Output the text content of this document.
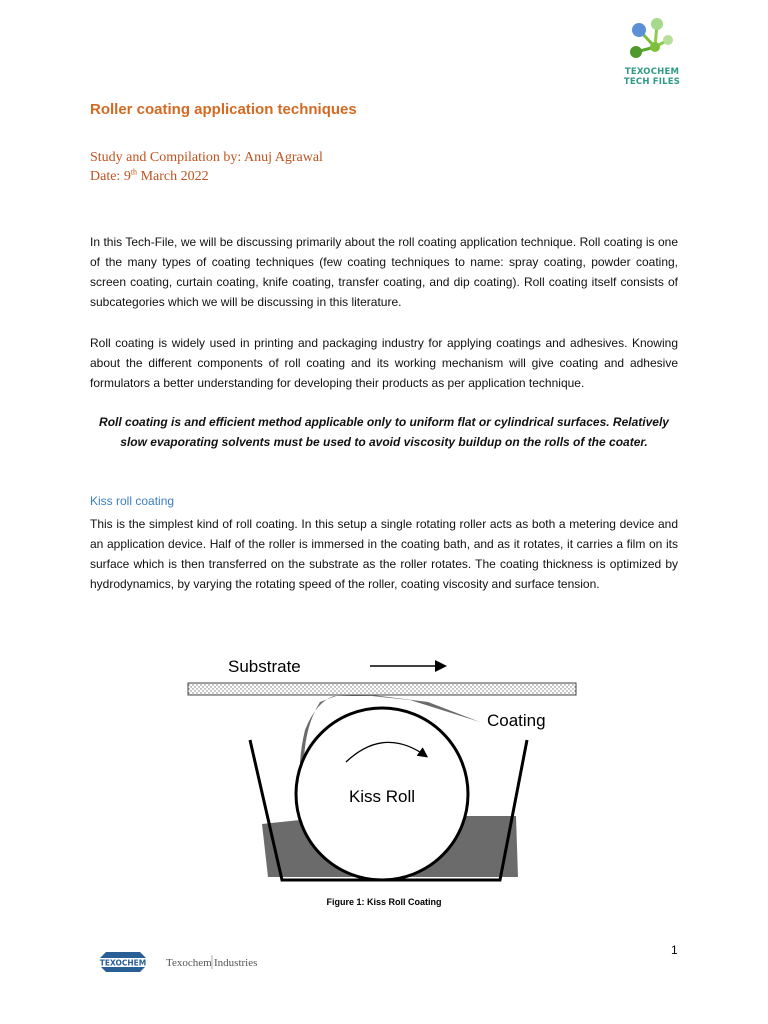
TEXOCHEM
TECH FILES
Roller coating application techniques
Study and Compilation by: Anuj Agrawal
Date: 9th March 2022
In this Tech-File, we will be discussing primarily about the roll coating application technique. Roll coating is one of the many types of coating techniques (few coating techniques to name: spray coating, powder coating, screen coating, curtain coating, knife coating, transfer coating, and dip coating). Roll coating itself consists of subcategories which we will be discussing in this literature.
Roll coating is widely used in printing and packaging industry for applying coatings and adhesives. Knowing about the different components of roll coating and its working mechanism will give coating and adhesive formulators a better understanding for developing their products as per application technique.
Roll coating is and efficient method applicable only to uniform flat or cylindrical surfaces. Relatively slow evaporating solvents must be used to avoid viscosity buildup on the rolls of the coater.
Kiss roll coating
This is the simplest kind of roll coating. In this setup a single rotating roller acts as both a metering device and an application device. Half of the roller is immersed in the coating bath, and as it rotates, it carries a film on its surface which is then transferred on the substrate as the roller rotates. The coating thickness is optimized by hydrodynamics, by varying the rotating speed of the roller, coating viscosity and surface tension.
Substrate
Coating
Kiss Roll
Figure 1: Kiss Roll Coating
1
TEXOCHEM Texochem Industries
